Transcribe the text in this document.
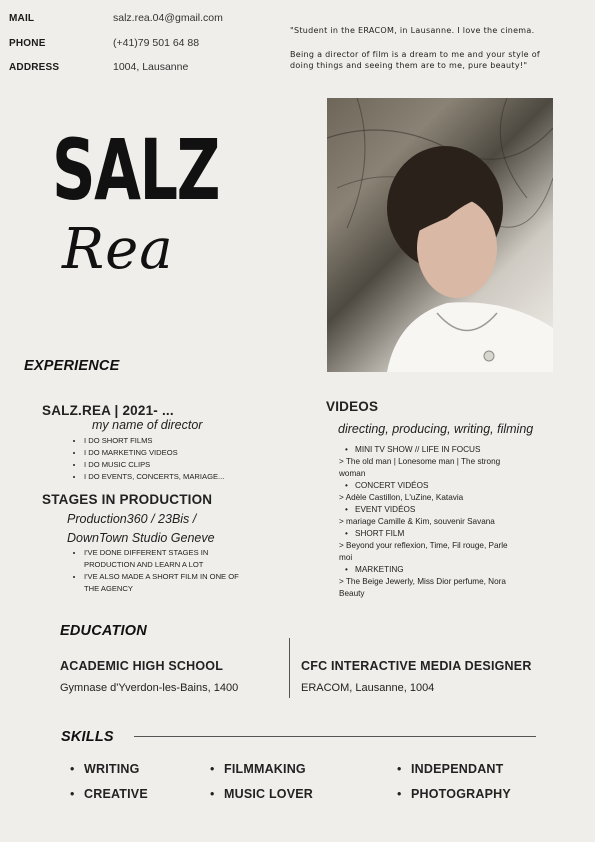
MAIL	salz.rea.04@gmail.com
PHONE	(+41)79 501 64 88
ADDRESS	1004, Lausanne
"Student in the ERACOM, in Lausanne. I love the cinema.
Being a director of film is a dream to me and your style of
doing things and seeing them are to me, pure beauty!"
SALZ
Rea
EXPERIENCE
SALZ.REA | 2021- ...
my name of director
• I DO SHORT FILMS
• I DO MARKETING VIDEOS
• I DO MUSIC CLIPS
• I DO EVENTS, CONCERTS, MARIAGE...
STAGES IN PRODUCTION
Production360 / 23Bis /
DownTown Studio Geneve
• I'VE DONE DIFFERENT STAGES IN
PRODUCTION AND LEARN A LOT
• I'VE ALSO MADE A SHORT FILM IN ONE OF
THE AGENCY
VIDEOS
directing, producing, writing, filming
• MINI TV SHOW // LIFE IN FOCUS
> The old man | Lonesome man | The strong
woman
• CONCERT VIDÉOS
> Adèle Castillon, L'uZine, Katavia
• EVENT VIDÉOS
> mariage Camille & Kim, souvenir Savana
• SHORT FILM
> Beyond your reflexion, Time, Fil rouge, Parle
moi
• MARKETING
> The Beige Jewerly, Miss Dior perfume, Nora
Beauty
EDUCATION
ACADEMIC HIGH SCHOOL
Gymnase d'Yverdon-les-Bains, 1400
CFC INTERACTIVE MEDIA DESIGNER
ERACOM, Lausanne, 1004
SKILLS
• WRITING	• FILMMAKING	• INDEPENDANT
• CREATIVE	• MUSIC LOVER	• PHOTOGRAPHY
